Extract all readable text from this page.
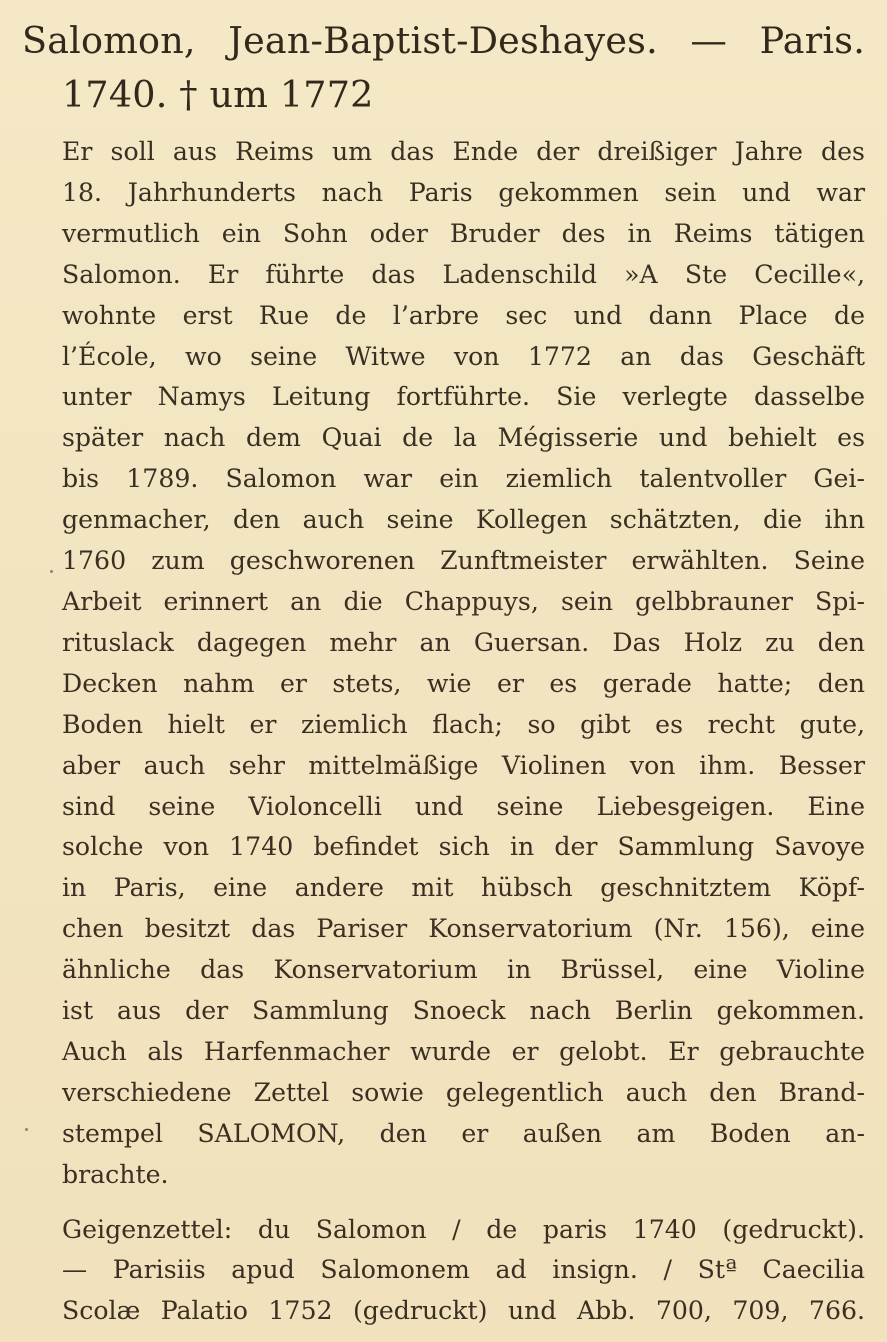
Salomon, Jean-Baptist-Deshayes. — Paris.
1740. † um 1772
Er soll aus Reims um das Ende der dreißiger Jahre des
18. Jahrhunderts nach Paris gekommen sein und war
vermutlich ein Sohn oder Bruder des in Reims tätigen
Salomon. Er führte das Ladenschild »A Ste Cecille«,
wohnte erst Rue de l’arbre sec und dann Place de
l’École, wo seine Witwe von 1772 an das Geschäft
unter Namys Leitung fortführte. Sie verlegte dasselbe
später nach dem Quai de la Mégisserie und behielt es
bis 1789. Salomon war ein ziemlich talentvoller Gei-
genmacher, den auch seine Kollegen schätzten, die ihn
1760 zum geschworenen Zunftmeister erwählten. Seine
Arbeit erinnert an die Chappuys, sein gelbbrauner Spi-
rituslack dagegen mehr an Guersan. Das Holz zu den
Decken nahm er stets, wie er es gerade hatte; den
Boden hielt er ziemlich flach; so gibt es recht gute,
aber auch sehr mittelmäßige Violinen von ihm. Besser
sind seine Violoncelli und seine Liebesgeigen. Eine
solche von 1740 befindet sich in der Sammlung Savoye
in Paris, eine andere mit hübsch geschnitztem Köpf-
chen besitzt das Pariser Konservatorium (Nr. 156), eine
ähnliche das Konservatorium in Brüssel, eine Violine
ist aus der Sammlung Snoeck nach Berlin gekommen.
Auch als Harfenmacher wurde er gelobt. Er gebrauchte
verschiedene Zettel sowie gelegentlich auch den Brand-
stempel SALOMON, den er außen am Boden an-
brachte.
Geigenzettel: du Salomon / de paris 1740 (gedruckt).
— Parisiis apud Salomonem ad insign. / Stª Caecilia
Scolæ Palatio 1752 (gedruckt) und Abb. 700, 709, 766.
